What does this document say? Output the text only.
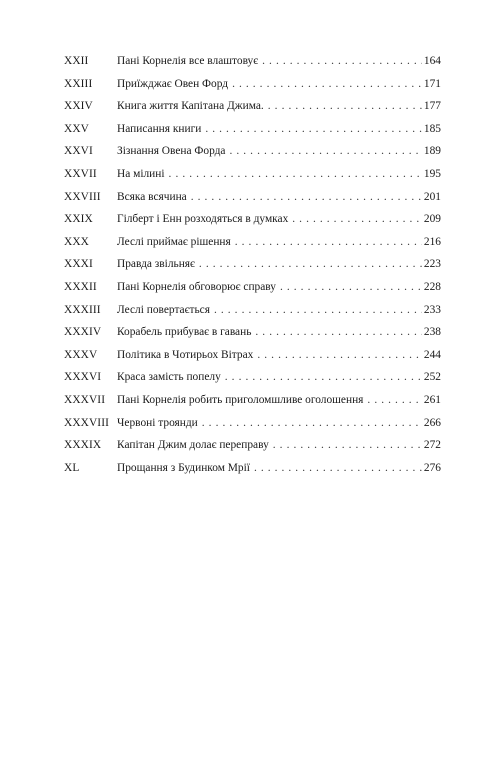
XXII	Пані Корнелія все влаштовує . . .	164
XXIII	Приїжджає Овен Форд . . .	171
XXIV	Книга життя Капітана Джима. . . .	177
XXV	Написання книги . . .	185
XXVI	Зізнання Овена Форда . . .	189
XXVII	На мілині . . .	195
XXVIII	Всяка всячина . . .	201
XXIX	Гілберт і Енн розходяться в думках . . .	209
XXX	Леслі приймає рішення . . .	216
XXXI	Правда звільняє . . .	223
XXXII	Пані Корнелія обговорює справу . . .	228
XXXIII	Леслі повертається . . .	233
XXXIV	Корабель прибуває в гавань . . .	238
XXXV	Політика в Чотирьох Вітрах . . .	244
XXXVI	Краса замість попелу . . .	252
XXXVII	Пані Корнелія робить приголомшливе оголошення . . .	261
XXXVIII Червоні троянди . . .	266
XXXIX	Капітан Джим долає переправу . . .	272
XL	Прощання з Будинком Мрії . . .	276
